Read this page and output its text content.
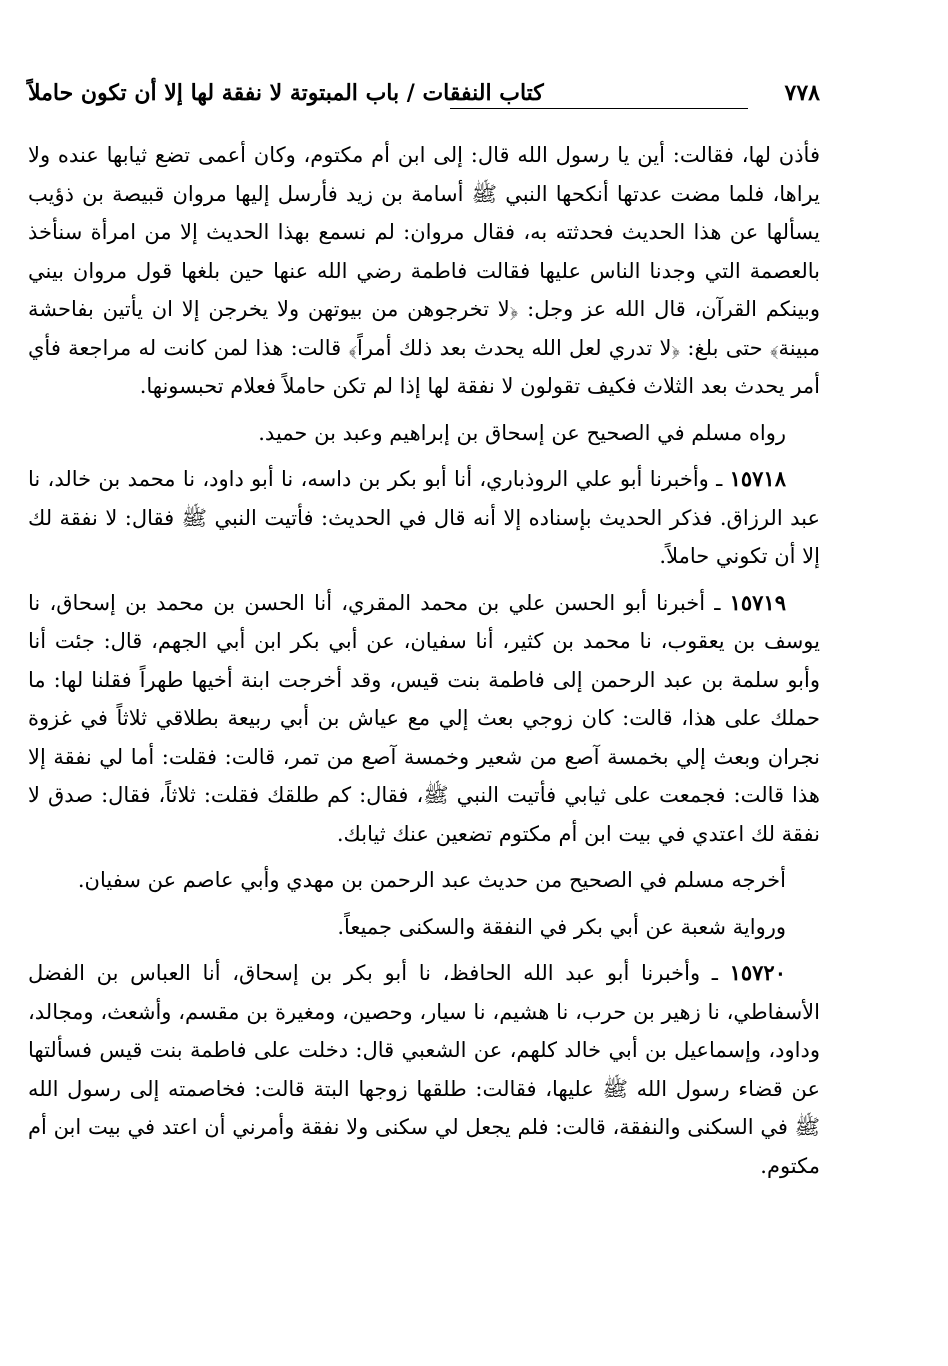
٧٧٨
كتاب النفقات / باب المبتوتة لا نفقة لها إلا أن تكون حاملاً

فأذن لها، فقالت: أين يا رسول الله قال: إلى ابن أم مكتوم، وكان أعمى تضع ثيابها عنده ولا يراها، فلما مضت عدتها أنكحها النبي ﷺ أسامة بن زيد فأرسل إليها مروان قبيصة بن ذؤيب يسألها عن هذا الحديث فحدثته به، فقال مروان: لم نسمع بهذا الحديث إلا من امرأة سنأخذ بالعصمة التي وجدنا الناس عليها فقالت فاطمة رضي الله عنها حين بلغها قول مروان بيني وبينكم القرآن، قال الله عز وجل: ﴿لا تخرجوهن من بيوتهن ولا يخرجن إلا ان يأتين بفاحشة مبينة﴾ حتى بلغ: ﴿لا تدري لعل الله يحدث بعد ذلك أمراً﴾ قالت: هذا لمن كانت له مراجعة فأي أمر يحدث بعد الثلاث فكيف تقولون لا نفقة لها إذا لم تكن حاملاً فعلام تحبسونها.

رواه مسلم في الصحيح عن إسحاق بن إبراهيم وعبد بن حميد.

١٥٧١٨ ـ وأخبرنا أبو علي الروذباري، أنا أبو بكر بن داسه، نا أبو داود، نا محمد بن خالد، نا عبد الرزاق. فذكر الحديث بإسناده إلا أنه قال في الحديث: فأتيت النبي ﷺ فقال: لا نفقة لك إلا أن تكوني حاملاً.

١٥٧١٩ ـ أخبرنا أبو الحسن علي بن محمد المقري، أنا الحسن بن محمد بن إسحاق، نا يوسف بن يعقوب، نا محمد بن كثير، أنا سفيان، عن أبي بكر ابن أبي الجهم، قال: جئت أنا وأبو سلمة بن عبد الرحمن إلى فاطمة بنت قيس، وقد أخرجت ابنة أخيها طهراً فقلنا لها: ما حملك على هذا، قالت: كان زوجي بعث إلي مع عياش بن أبي ربيعة بطلاقي ثلاثاً في غزوة نجران وبعث إلي بخمسة آصع من شعير وخمسة آصع من تمر، قالت: فقلت: أما لي نفقة إلا هذا قالت: فجمعت على ثيابي فأتيت النبي ﷺ، فقال: كم طلقك فقلت: ثلاثاً، فقال: صدق لا نفقة لك اعتدي في بيت ابن أم مكتوم تضعين عنك ثيابك.

أخرجه مسلم في الصحيح من حديث عبد الرحمن بن مهدي وأبي عاصم عن سفيان.

ورواية شعبة عن أبي بكر في النفقة والسكنى جميعاً.

١٥٧٢٠ ـ وأخبرنا أبو عبد الله الحافظ، نا أبو بكر بن إسحاق، أنا العباس بن الفضل الأسفاطي، نا زهير بن حرب، نا هشيم، نا سيار، وحصين، ومغيرة بن مقسم، وأشعث، ومجالد، وداود، وإسماعيل بن أبي خالد كلهم، عن الشعبي قال: دخلت على فاطمة بنت قيس فسألتها عن قضاء رسول الله ﷺ عليها، فقالت: طلقها زوجها البتة قالت: فخاصمته إلى رسول الله ﷺ في السكنى والنفقة، قالت: فلم يجعل لي سكنى ولا نفقة وأمرني أن اعتد في بيت ابن أم مكتوم.
